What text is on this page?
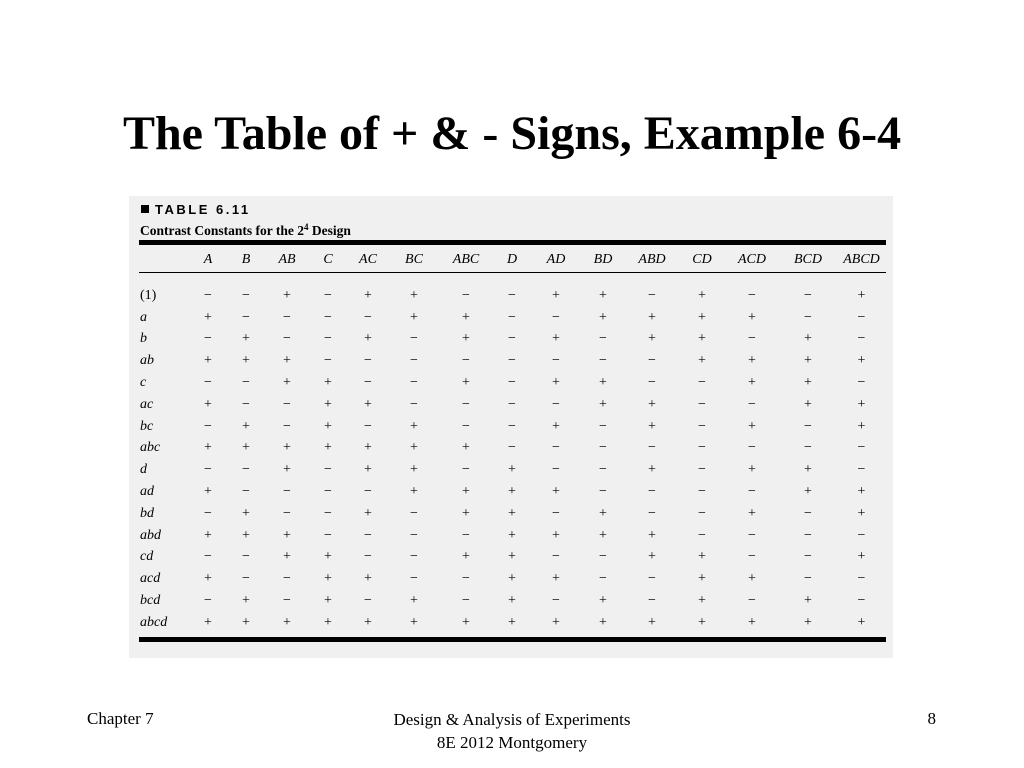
The Table of + & - Signs, Example 6-4
TABLE 6.11
Contrast Constants for the $2^4$ Design
	A	B	AB	C	AC	BC	ABC	D	AD	BD	ABD	CD	ACD	BCD	ABCD

(1)	−	−	+	−	+	+	−	−	+	+	−	+	−	−	+
a	+	−	−	−	−	+	+	−	−	+	+	+	+	−	−
b	−	+	−	−	+	−	+	−	+	−	+	+	−	+	−
ab	+	+	+	−	−	−	−	−	−	−	−	+	+	+	+
c	−	−	+	+	−	−	+	−	+	+	−	−	+	+	−
ac	+	−	−	+	+	−	−	−	−	+	+	−	−	+	+
bc	−	+	−	+	−	+	−	−	+	−	+	−	+	−	+
abc	+	+	+	+	+	+	+	−	−	−	−	−	−	−	−
d	−	−	+	−	+	+	−	+	−	−	+	−	+	+	−
ad	+	−	−	−	−	+	+	+	+	−	−	−	−	+	+
bd	−	+	−	−	+	−	+	+	−	+	−	−	+	−	+
abd	+	+	+	−	−	−	−	+	+	+	+	−	−	−	−
cd	−	−	+	+	−	−	+	+	−	−	+	+	−	−	+
acd	+	−	−	+	+	−	−	+	+	−	−	+	+	−	−
bcd	−	+	−	+	−	+	−	+	−	+	−	+	−	+	−
abcd	+	+	+	+	+	+	+	+	+	+	+	+	+	+	+
Chapter 7	Design & Analysis of Experiments
8E 2012 Montgomery
8
